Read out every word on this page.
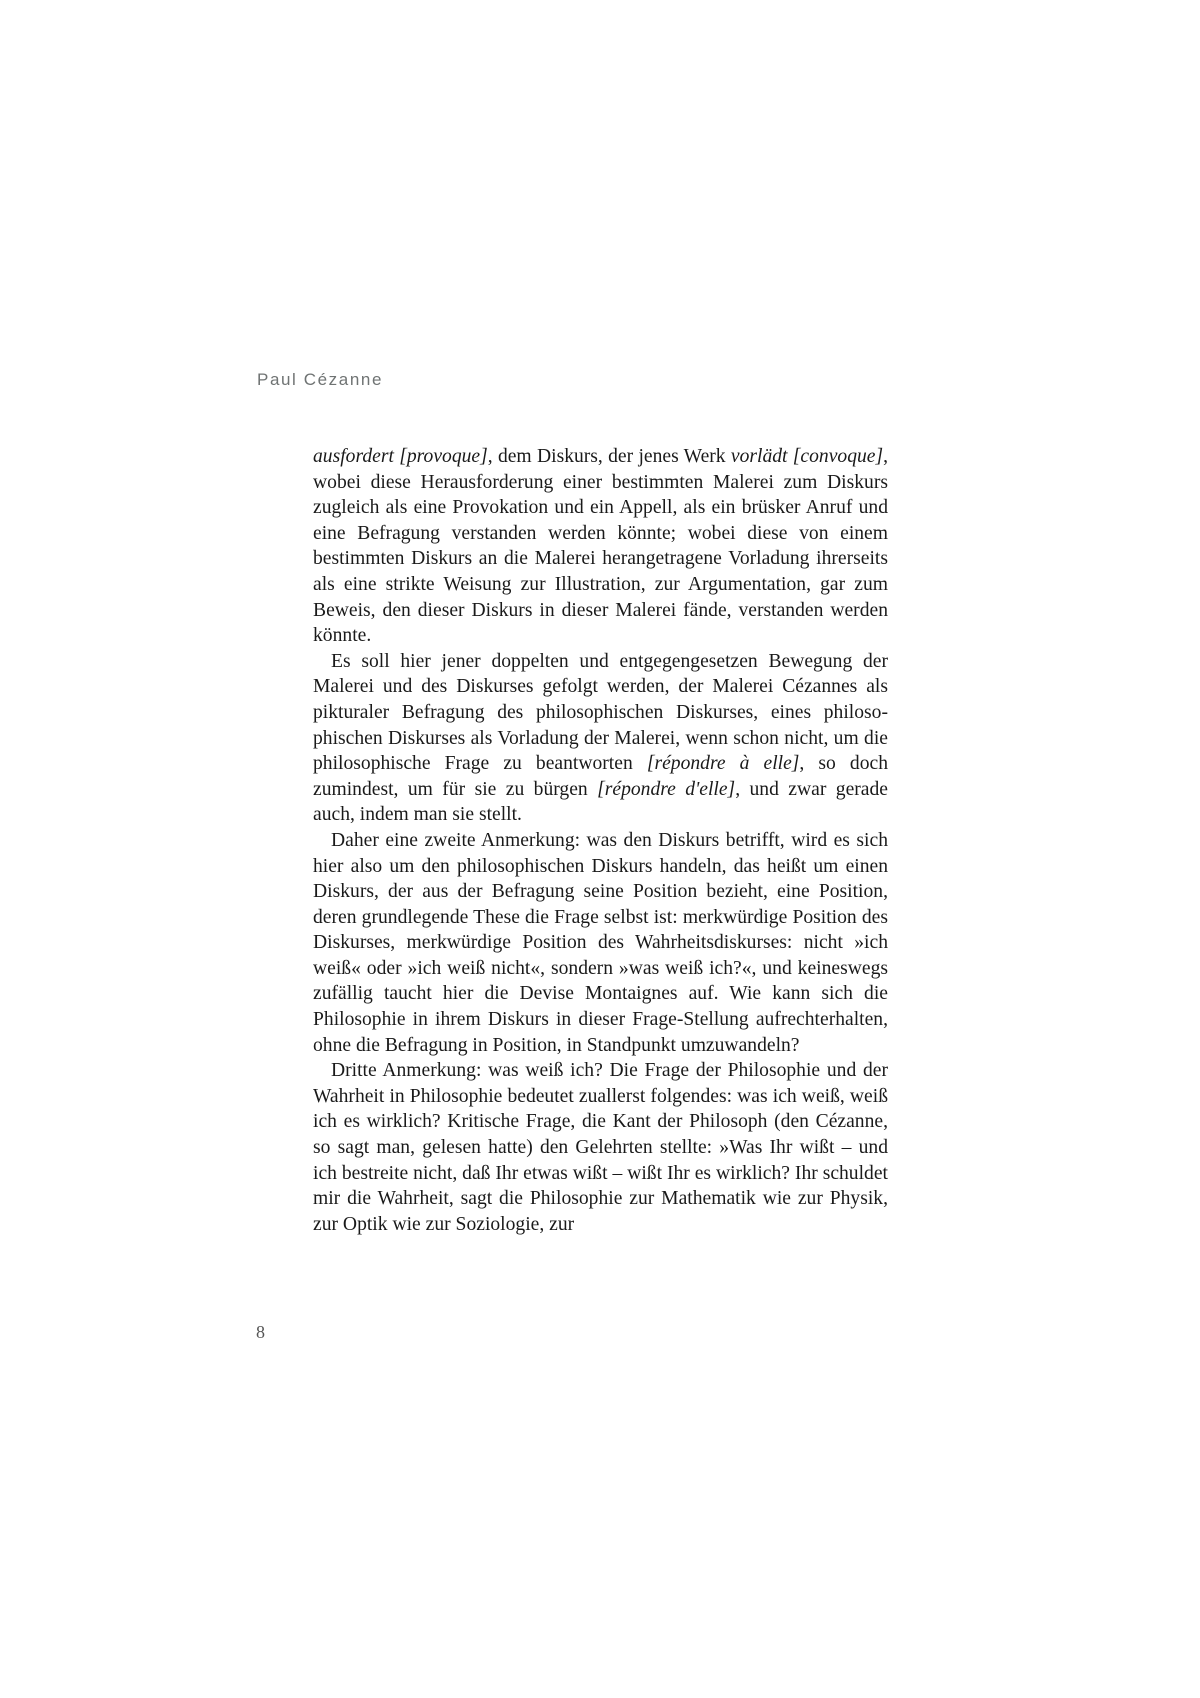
Paul Cézanne

ausfordert [provoque], dem Diskurs, der jenes Werk vorlädt [convoque], wobei diese Herausforderung einer bestimmten Malerei zum Diskurs zugleich als eine Provokation und ein Appell, als ein brüsker Anruf und eine Befragung verstanden werden könnte; wobei diese von einem bestimmten Diskurs an die Malerei herangetragene Vorladung ihrerseits als eine strikte Weisung zur Illustration, zur Argumentation, gar zum Beweis, den dieser Diskurs in dieser Malerei fände, verstanden werden könnte.

Es soll hier jener doppelten und entgegengesetzen Bewegung der Malerei und des Diskurses gefolgt werden, der Malerei Cézannes als pikturaler Befragung des philosophischen Diskurses, eines philosophischen Diskurses als Vorladung der Malerei, wenn schon nicht, um die philosophische Frage zu beantworten [répondre à elle], so doch zumindest, um für sie zu bürgen [répondre d'elle], und zwar gerade auch, indem man sie stellt.

Daher eine zweite Anmerkung: was den Diskurs betrifft, wird es sich hier also um den philosophischen Diskurs handeln, das heißt um einen Diskurs, der aus der Befragung seine Position bezieht, eine Position, deren grundlegende These die Frage selbst ist: merkwürdige Position des Diskurses, merkwürdige Position des Wahrheitsdiskurses: nicht »ich weiß« oder »ich weiß nicht«, sondern »was weiß ich?«, und keineswegs zufällig taucht hier die Devise Montaignes auf. Wie kann sich die Philosophie in ihrem Diskurs in dieser Frage-Stellung aufrechterhalten, ohne die Befragung in Position, in Standpunkt umzuwandeln?

Dritte Anmerkung: was weiß ich? Die Frage der Philosophie und der Wahrheit in Philosophie bedeutet zuallerst folgendes: was ich weiß, weiß ich es wirklich? Kritische Frage, die Kant der Philosoph (den Cézanne, so sagt man, gelesen hatte) den Gelehrten stellte: »Was Ihr wißt – und ich bestreite nicht, daß Ihr etwas wißt – wißt Ihr es wirklich? Ihr schuldet mir die Wahrheit, sagt die Philosophie zur Mathematik wie zur Physik, zur Optik wie zur Soziologie, zur

8
